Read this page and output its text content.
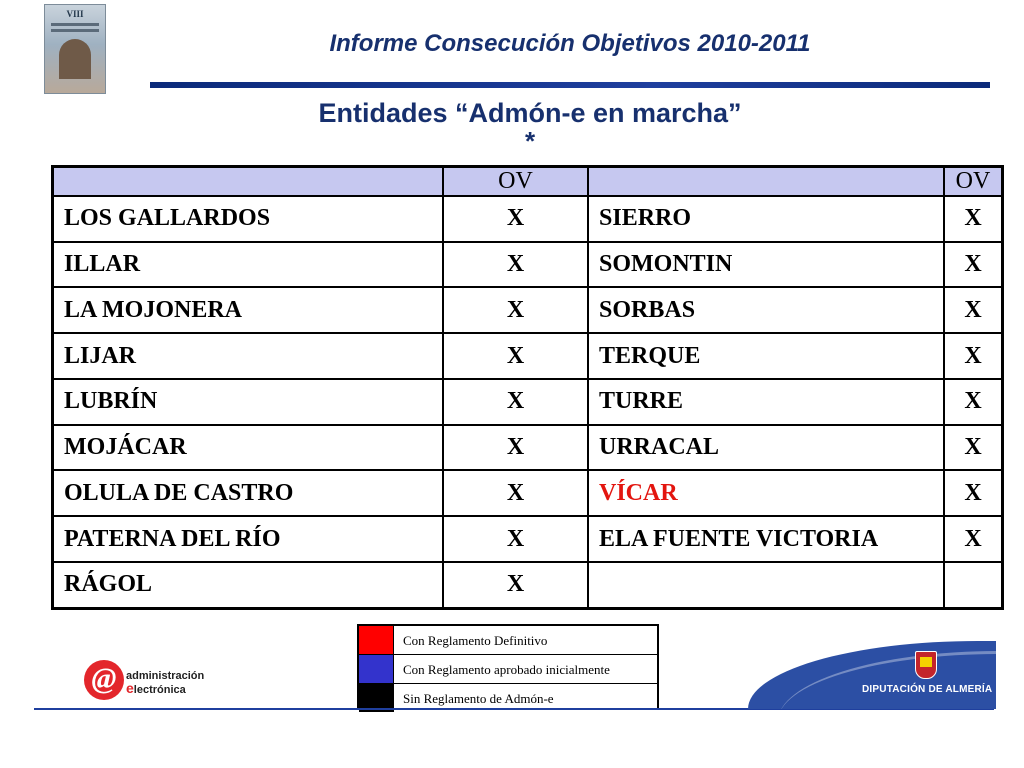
VIII
Informe Consecución Objetivos 2010-2011
Entidades “Admón-e en marcha”
*
	OV		OV
LOS GALLARDOS	X	SIERRO	X
ILLAR	X	SOMONTIN	X
LA MOJONERA	X	SORBAS	X
LIJAR	X	TERQUE	X
LUBRÍN	X	TURRE	X
MOJÁCAR	X	URRACAL	X
OLULA DE CASTRO	X	VÍCAR	X
PATERNA DEL RÍO	X	ELA FUENTE VICTORIA	X
RÁGOL	X		
Con Reglamento Definitivo
Con Reglamento aprobado inicialmente
Sin Reglamento de Admón-e
@ administración
electrónica	DIPUTACIÓN DE ALMERÍA
